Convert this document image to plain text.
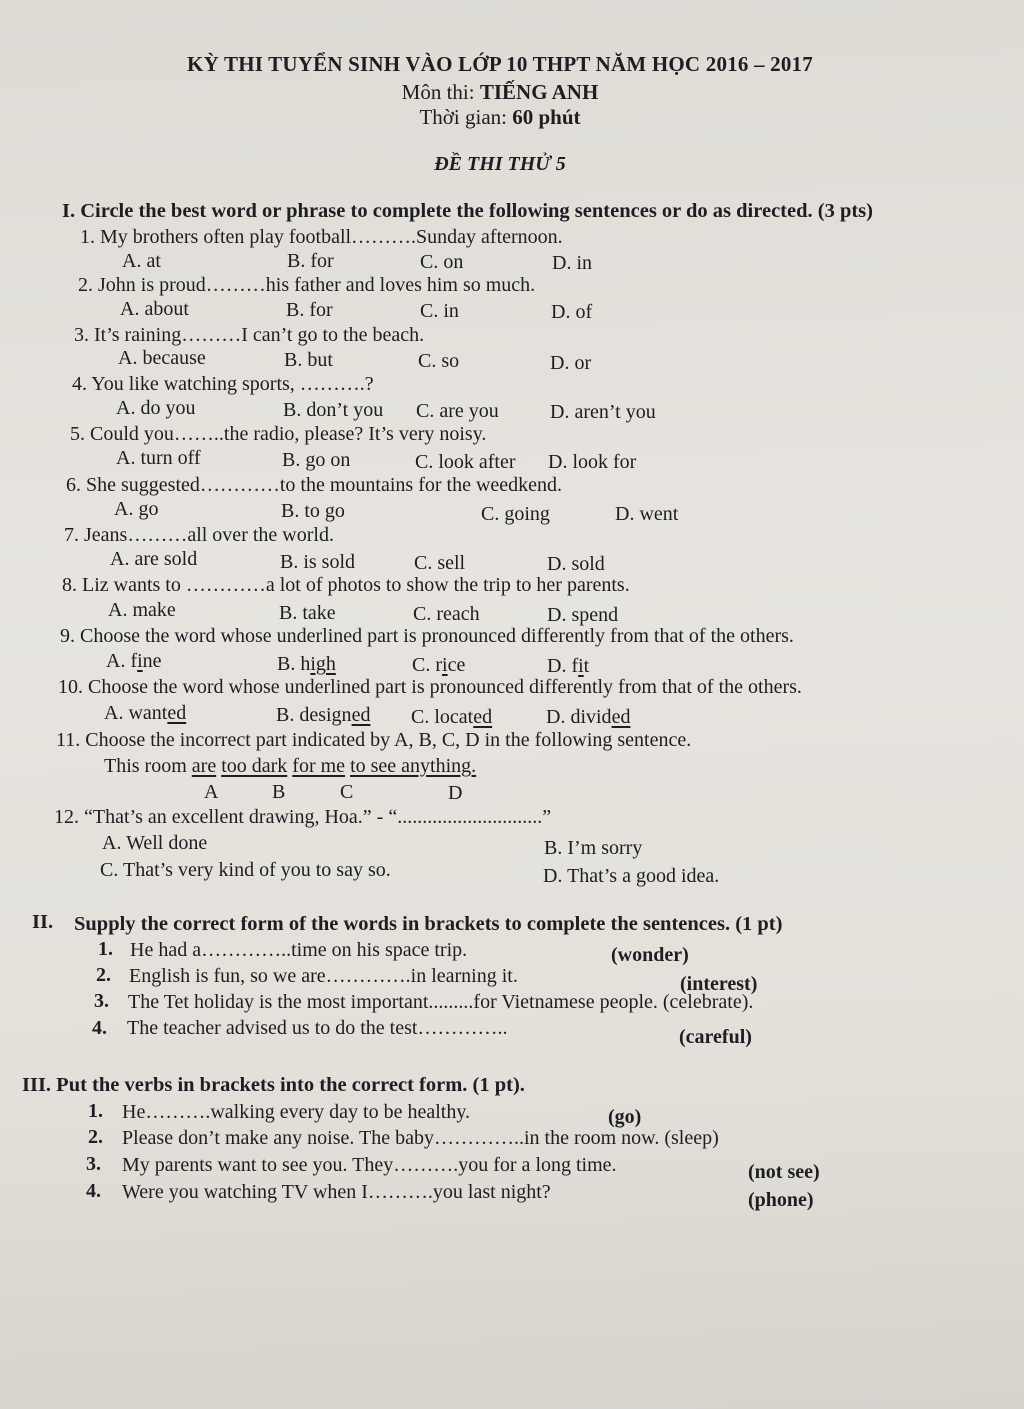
KỲ THI TUYỂN SINH VÀO LỚP 10 THPT NĂM HỌC 2016 – 2017
Môn thi: TIẾNG ANH
Thời gian: 60 phút
ĐỀ THI THỬ 5
I. Circle the best word or phrase to complete the following sentences or do as directed. (3 pts)
1. My brothers often play football……….Sunday afternoon.
A. at	B. for	C. on	D. in
2. John is proud………his father and loves him so much.
A. about	B. for	C. in	D. of
3. It’s raining………I can’t go to the beach.
A. because	B. but	C. so	D. or
4. You like watching sports, ……….?
A. do you	B. don’t you C. are you	D. aren’t you
5. Could you……..the radio, please? It’s very noisy.
A. turn off	B. go on	C. look after D. look for
6. She suggested…………to the mountains for the weedkend.
A. go	B. to go	C. going	D. went
7. Jeans………all over the world.
A. are sold	B. is sold	C. sell	D. sold
8. Liz wants to …………a lot of photos to show the trip to her parents.
A. make	B. take	C. reach	D. spend
9. Choose the word whose underlined part is pronounced differently from that of the others.
A. fine	B. high	C. rice	D. fit
10. Choose the word whose underlined part is pronounced differently from that of the others.
A. wanted	B. designed C. located	D. divided
11. Choose the incorrect part indicated by A, B, C, D in the following sentence.
This room are too dark for me to see anything.
A	B	C	D
12. “That’s an excellent drawing, Hoa.” - “.............................”
A. Well done	B. I’m sorry
C. That’s very kind of you to say so.	D. That’s a good idea.
II. Supply the correct form of the words in brackets to complete the sentences. (1 pt)
1. He had a…………..time on his space trip.	(wonder)
2. English is fun, so we are………….in learning it.	(interest)
3. The Tet holiday is the most important.........for Vietnamese people. (celebrate).
4. The teacher advised us to do the test…………..	(careful)
III. Put the verbs in brackets into the correct form. (1 pt).
1. He……….walking every day to be healthy.	(go)
2. Please don’t make any noise. The baby…………..in the room now. (sleep)
3. My parents want to see you. They……….you for a long time.	(not see)
4. Were you watching TV when I……….you last night?	(phone)
